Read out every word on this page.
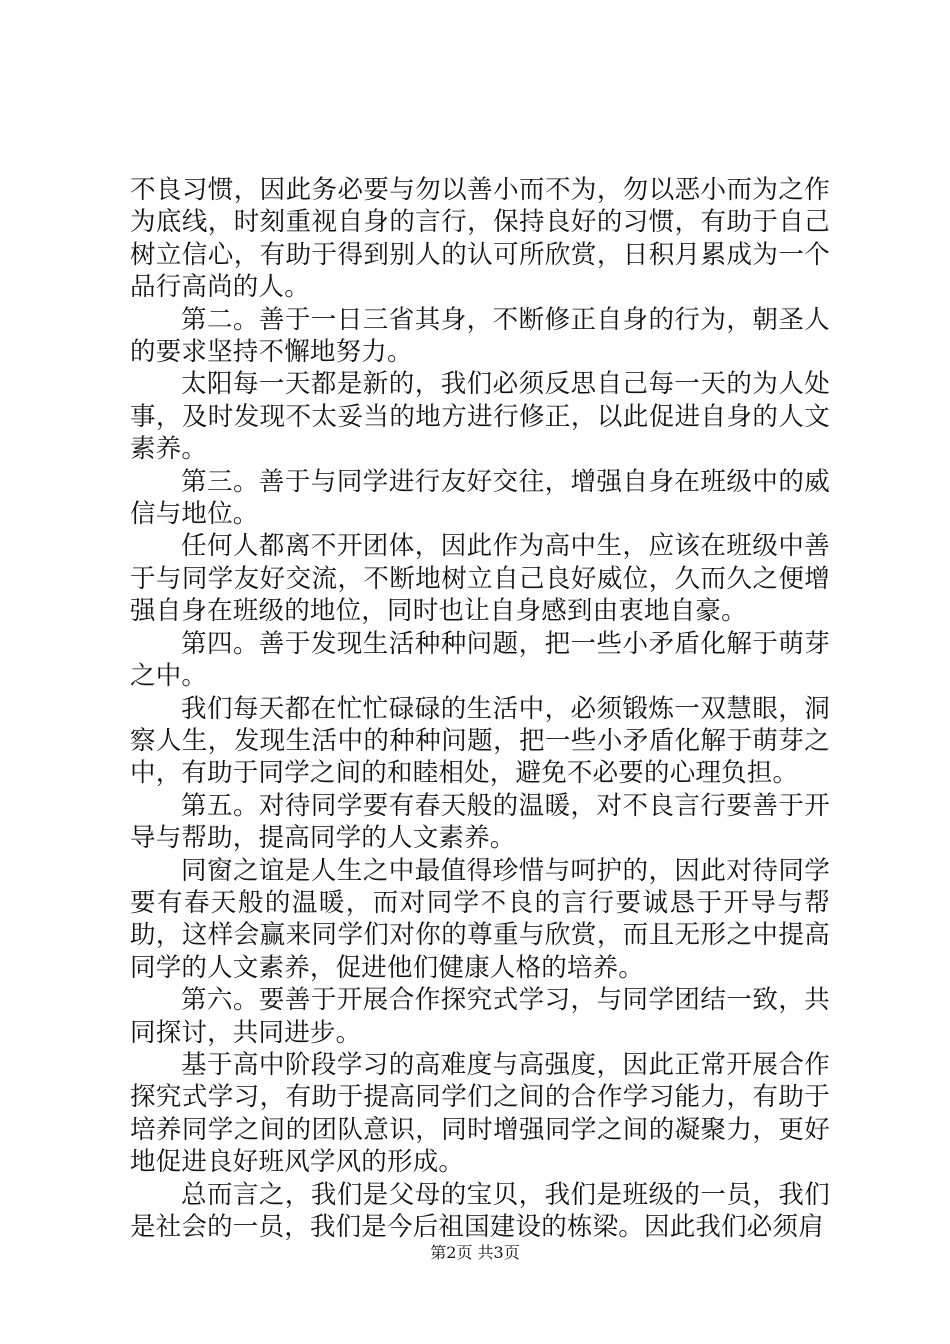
不良习惯，因此务必要与勿以善小而不为，勿以恶小而为之作为底线，时刻重视自身的言行，保持良好的习惯，有助于自己树立信心，有助于得到别人的认可所欣赏，日积月累成为一个品行高尚的人。

第二。善于一日三省其身，不断修正自身的行为，朝圣人的要求坚持不懈地努力。

太阳每一天都是新的，我们必须反思自己每一天的为人处事，及时发现不太妥当的地方进行修正，以此促进自身的人文素养。

第三。善于与同学进行友好交往，增强自身在班级中的威信与地位。

任何人都离不开团体，因此作为高中生，应该在班级中善于与同学友好交流，不断地树立自己良好威位，久而久之便增强自身在班级的地位，同时也让自身感到由衷地自豪。

第四。善于发现生活种种问题，把一些小矛盾化解于萌芽之中。

我们每天都在忙忙碌碌的生活中，必须锻炼一双慧眼，洞察人生，发现生活中的种种问题，把一些小矛盾化解于萌芽之中，有助于同学之间的和睦相处，避免不必要的心理负担。

第五。对待同学要有春天般的温暖，对不良言行要善于开导与帮助，提高同学的人文素养。

同窗之谊是人生之中最值得珍惜与呵护的，因此对待同学要有春天般的温暖，而对同学不良的言行要诚恳于开导与帮助，这样会赢来同学们对你的尊重与欣赏，而且无形之中提高同学的人文素养，促进他们健康人格的培养。

第六。要善于开展合作探究式学习，与同学团结一致，共同探讨，共同进步。

基于高中阶段学习的高难度与高强度，因此正常开展合作探究式学习，有助于提高同学们之间的合作学习能力，有助于培养同学之间的团队意识，同时增强同学之间的凝聚力，更好地促进良好班风学风的形成。

总而言之，我们是父母的宝贝，我们是班级的一员，我们是社会的一员，我们是今后祖国建设的栋梁。因此我们必须肩

第2页 共3页
